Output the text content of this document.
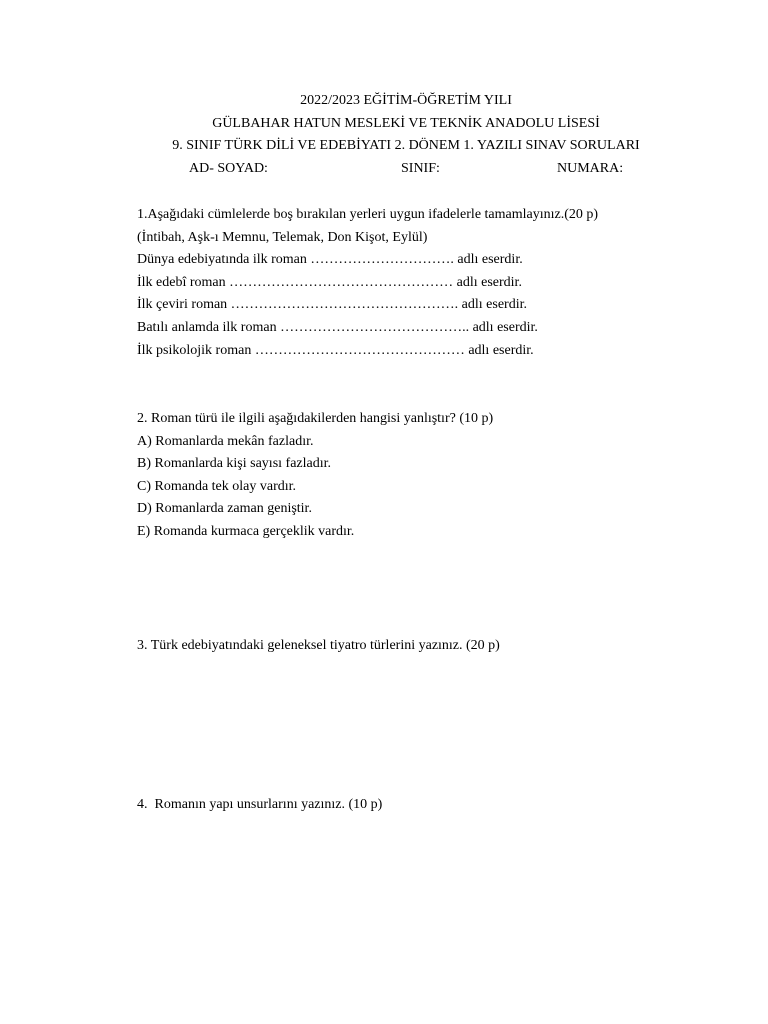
2022/2023 EĞİTİM-ÖĞRETİM YILI
GÜLBAHAR HATUN MESLEKİ VE TEKNİK ANADOLU LİSESİ
9. SINIF TÜRK DİLİ VE EDEBİYATI 2. DÖNEM 1. YAZILI SINAV SORULARI
AD- SOYAD:	SINIF:	NUMARA:
1.Aşağıdaki cümlelerde boş bırakılan yerleri uygun ifadelerle tamamlayınız.(20 p)
(İntibah, Aşk-ı Memnu, Telemak, Don Kişot, Eylül)
Dünya edebiyatında ilk roman …………………………. adlı eserdir.
İlk edebî roman ………………………………………… adlı eserdir.
İlk çeviri roman …………………………………………. adlı eserdir.
Batılı anlamda ilk roman ………………………………….. adlı eserdir.
İlk psikolojik roman ……………………………………… adlı eserdir.
2. Roman türü ile ilgili aşağıdakilerden hangisi yanlıştır? (10 p)
A) Romanlarda mekân fazladır.
B) Romanlarda kişi sayısı fazladır.
C) Romanda tek olay vardır.
D) Romanlarda zaman geniştir.
E) Romanda kurmaca gerçeklik vardır.
3. Türk edebiyatındaki geleneksel tiyatro türlerini yazınız. (20 p)
4.  Romanın yapı unsurlarını yazınız. (10 p)
